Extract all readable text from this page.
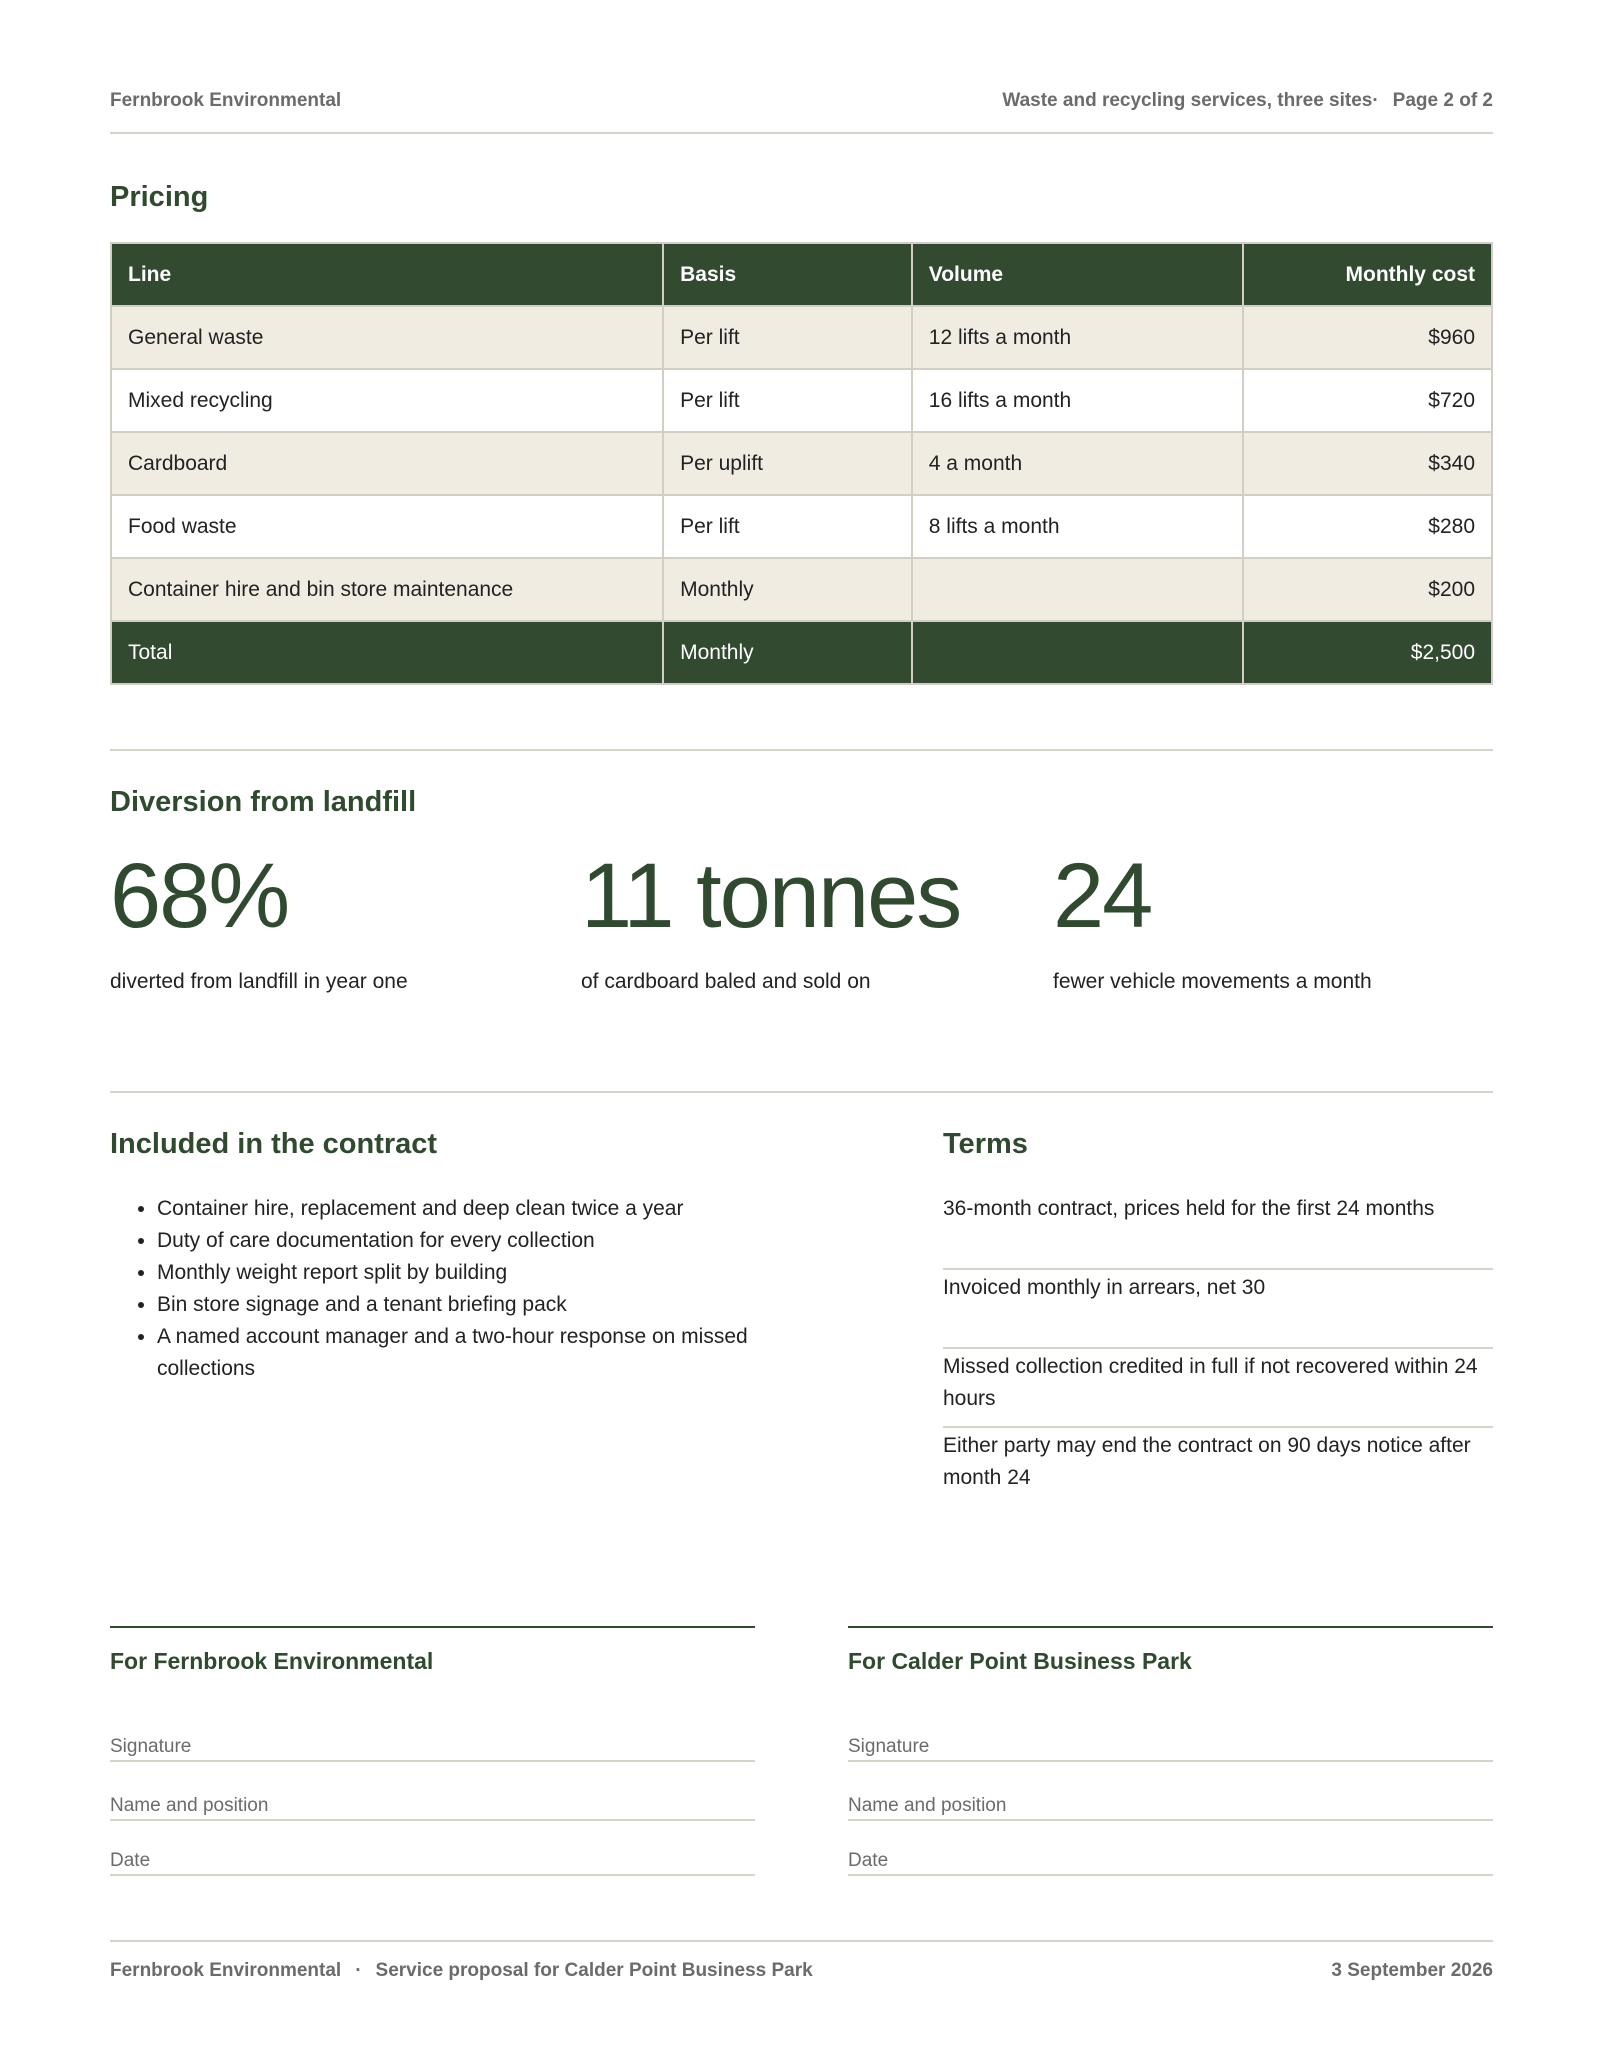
Fernbrook Environmental	Waste and recycling services, three sites· Page 2 of 2
Pricing
Line	Basis	Volume	Monthly cost
General waste	Per lift	12 lifts a month	$960
Mixed recycling	Per lift	16 lifts a month	$720
Cardboard	Per uplift	4 a month	$340
Food waste	Per lift	8 lifts a month	$280
Container hire and bin store maintenance	Monthly		$200
Total	Monthly		$2,500
Diversion from landfill
68%
diverted from landfill in year one
11 tonnes
of cardboard baled and sold on
24
fewer vehicle movements a month
Included in the contract
• Container hire, replacement and deep clean twice a year
• Duty of care documentation for every collection
• Monthly weight report split by building
• Bin store signage and a tenant briefing pack
• A named account manager and a two-hour response on missed collections
Terms
36-month contract, prices held for the first 24 months
Invoiced monthly in arrears, net 30
Missed collection credited in full if not recovered within 24 hours
Either party may end the contract on 90 days notice after month 24
For Fernbrook Environmental
Signature
Name and position
Date
For Calder Point Business Park
Signature
Name and position
Date
Fernbrook Environmental · Service proposal for Calder Point Business Park	3 September 2026
